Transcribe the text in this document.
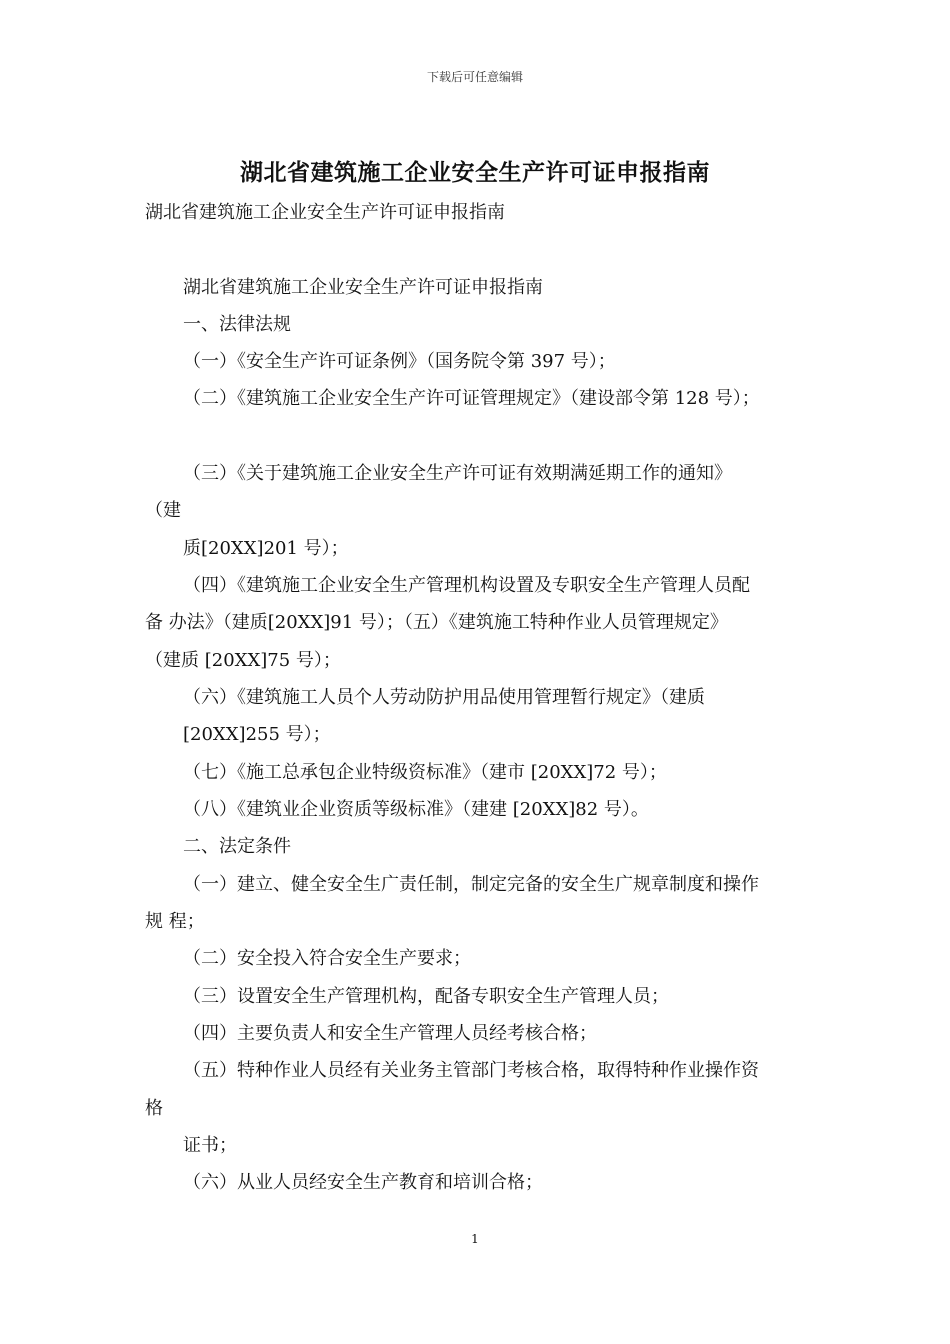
下载后可任意编辑
湖北省建筑施工企业安全生产许可证申报指南
湖北省建筑施工企业安全生产许可证申报指南
湖北省建筑施工企业安全生产许可证申报指南
一、法律法规
（一）《安全生产许可证条例》（国务院令第 397 号）；
（二）《建筑施工企业安全生产许可证管理规定》（建设部令第 128 号）；
（三）《关于建筑施工企业安全生产许可证有效期满延期工作的通知》
（建
质[20XX]201 号）；
（四）《建筑施工企业安全生产管理机构设置及专职安全生产管理人员配
备 办法》（建质[20XX]91 号）；（五）《建筑施工特种作业人员管理规定》
（建质 [20XX]75 号）；
（六）《建筑施工人员个人劳动防护用品使用管理暂行规定》（建质
[20XX]255 号）；
（七）《施工总承包企业特级资标准》（建市 [20XX]72 号）；
（八）《建筑业企业资质等级标准》（建建 [20XX]82 号）。
二、法定条件
（一）建立、健全安全生广责任制，制定完备的安全生广规章制度和操作
规 程；
（二）安全投入符合安全生产要求；
（三）设置安全生产管理机构，配备专职安全生产管理人员；
（四）主要负责人和安全生产管理人员经考核合格；
（五）特种作业人员经有关业务主管部门考核合格，取得特种作业操作资
格
证书；
（六）从业人员经安全生产教育和培训合格；
1
